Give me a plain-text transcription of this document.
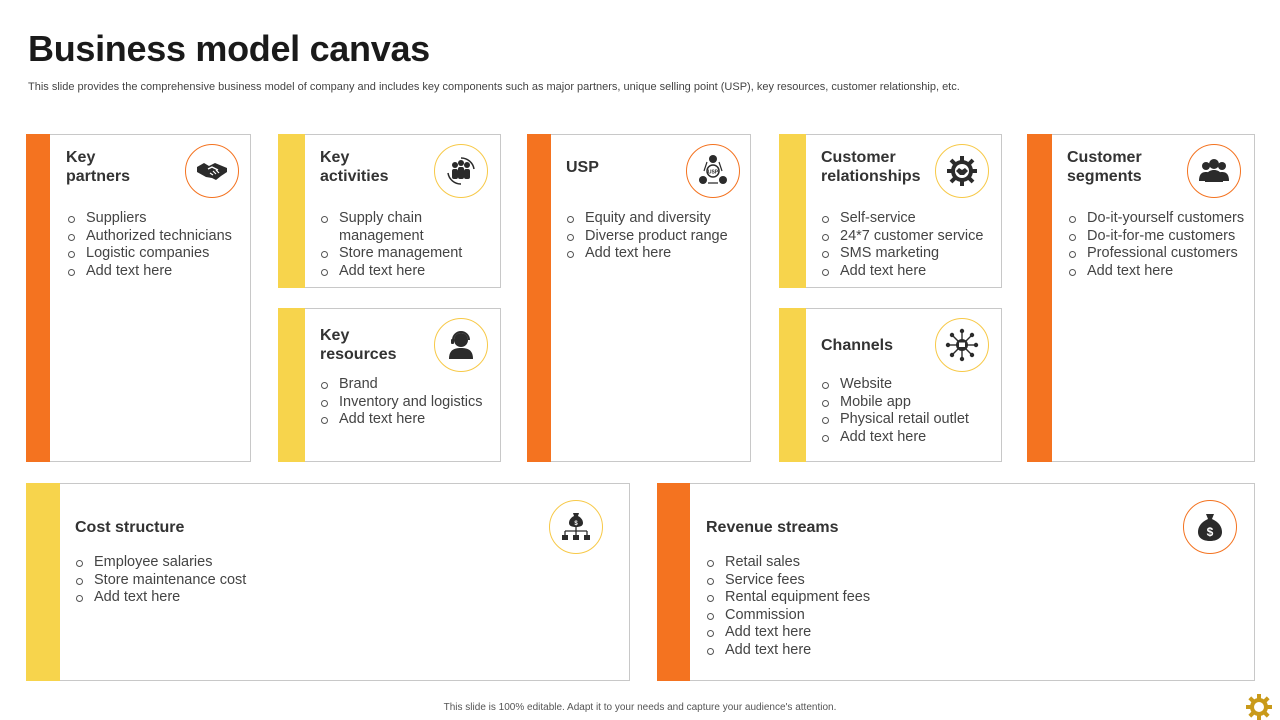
Business model canvas
This slide provides the comprehensive business model of company and includes key components such as major partners, unique selling point (USP), key resources, customer relationship, etc.
Key
partners
Suppliers
Authorized technicians
Logistic companies
Add text here
Key
activities
Supply chain management
Store management
Add text here
Key
resources
Brand
Inventory and logistics
Add text here
USP	USP
Equity and diversity
Diverse product range
Add text here
Customer
relationships
Self-service
24*7 customer service
SMS marketing
Add text here
Channels
Website
Mobile app
Physical retail outlet
Add text here
Customer
segments
Do-it-yourself customers
Do-it-for-me customers
Professional customers
Add text here
Cost structure	$
Employee salaries
Store maintenance cost
Add text here
Revenue streams	$
Retail sales
Service fees
Rental equipment fees
Commission
Add text here
Add text here
This slide is 100% editable. Adapt it to your needs and capture your audience's attention.
